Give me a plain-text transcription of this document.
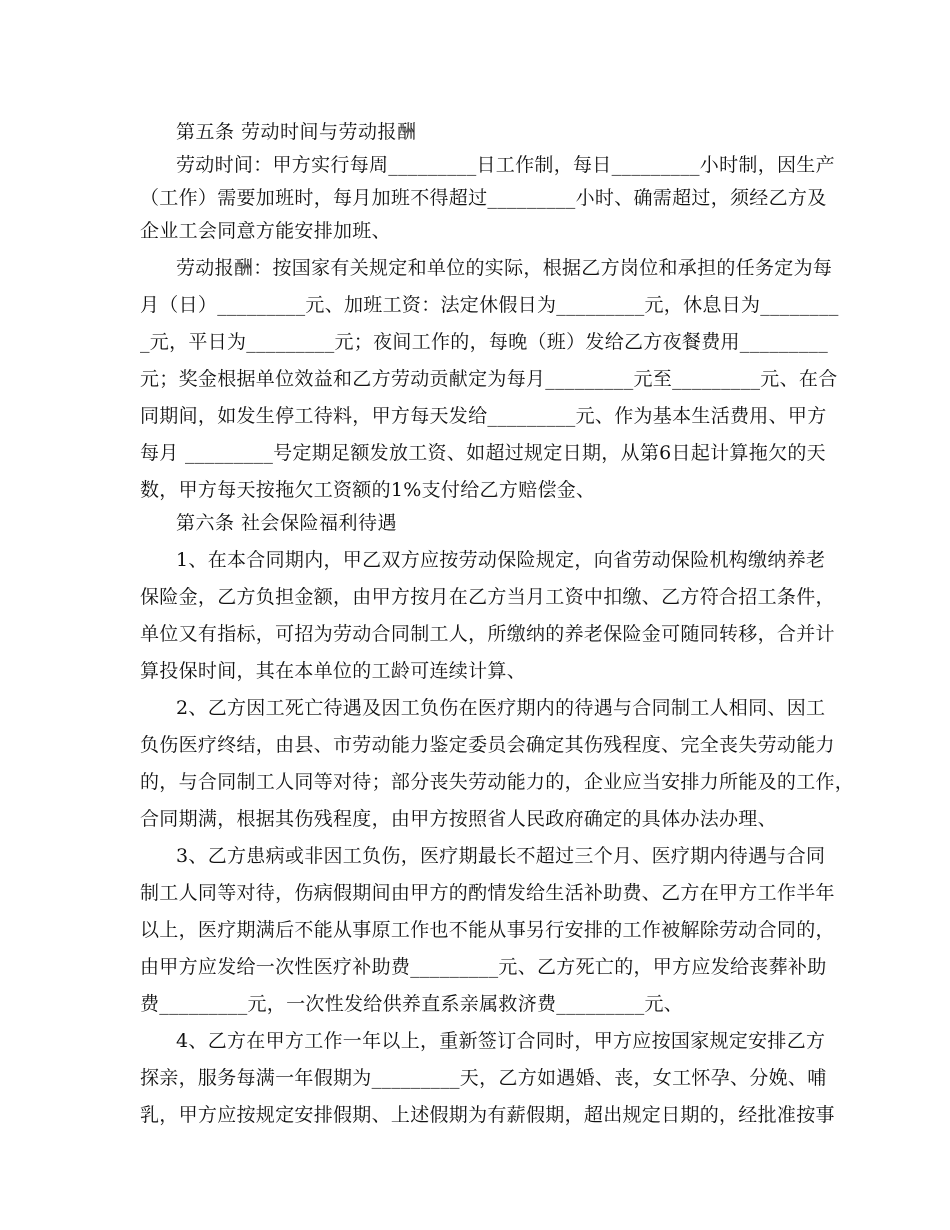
第五条 劳动时间与劳动报酬
劳动时间：甲方实行每周_________日工作制，每日_________小时制，因生产
（工作）需要加班时，每月加班不得超过_________小时、确需超过，须经乙方及
企业工会同意方能安排加班、
劳动报酬：按国家有关规定和单位的实际，根据乙方岗位和承担的任务定为每
月（日）_________元、加班工资：法定休假日为_________元，休息日为________
_元，平日为_________元；夜间工作的，每晚（班）发给乙方夜餐费用_________
元；奖金根据单位效益和乙方劳动贡献定为每月_________元至_________元、在合
同期间，如发生停工待料，甲方每天发给_________元、作为基本生活费用、甲方
每月 _________号定期足额发放工资、如超过规定日期，从第6日起计算拖欠的天
数，甲方每天按拖欠工资额的1%支付给乙方赔偿金、
第六条 社会保险福利待遇
1、在本合同期内，甲乙双方应按劳动保险规定，向省劳动保险机构缴纳养老
保险金，乙方负担金额，由甲方按月在乙方当月工资中扣缴、乙方符合招工条件，
单位又有指标，可招为劳动合同制工人，所缴纳的养老保险金可随同转移，合并计
算投保时间，其在本单位的工龄可连续计算、
2、乙方因工死亡待遇及因工负伤在医疗期内的待遇与合同制工人相同、因工
负伤医疗终结，由县、市劳动能力鉴定委员会确定其伤残程度、完全丧失劳动能力
的，与合同制工人同等对待；部分丧失劳动能力的，企业应当安排力所能及的工作，
合同期满，根据其伤残程度，由甲方按照省人民政府确定的具体办法办理、
3、乙方患病或非因工负伤，医疗期最长不超过三个月、医疗期内待遇与合同
制工人同等对待，伤病假期间由甲方的酌情发给生活补助费、乙方在甲方工作半年
以上，医疗期满后不能从事原工作也不能从事另行安排的工作被解除劳动合同的，
由甲方应发给一次性医疗补助费_________元、乙方死亡的，甲方应发给丧葬补助
费_________元，一次性发给供养直系亲属救济费_________元、
4、乙方在甲方工作一年以上，重新签订合同时，甲方应按国家规定安排乙方
探亲，服务每满一年假期为_________天，乙方如遇婚、丧，女工怀孕、分娩、哺
乳，甲方应按规定安排假期、上述假期为有薪假期，超出规定日期的，经批准按事
